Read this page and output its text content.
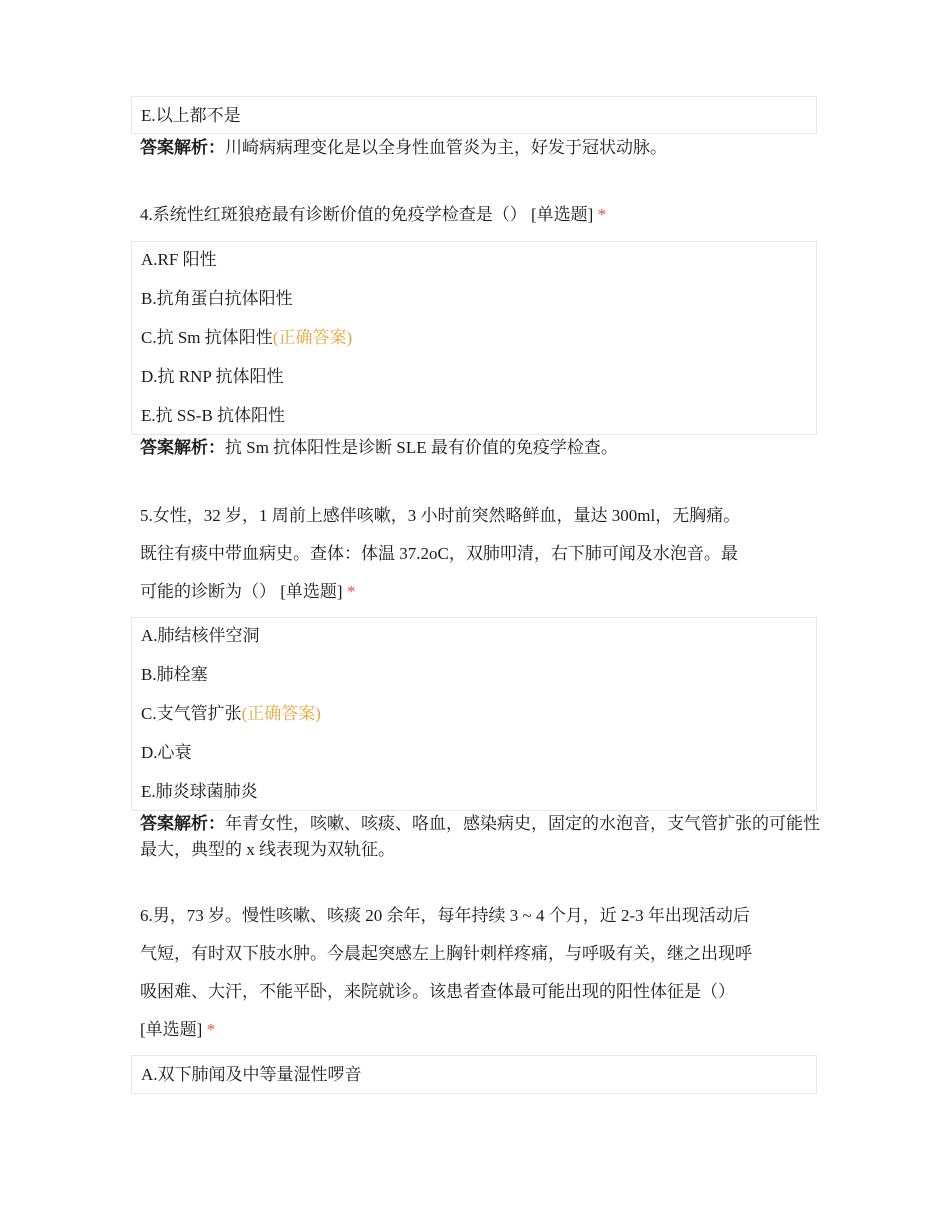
E.以上都不是
答案解析：川崎病病理变化是以全身性血管炎为主，好发于冠状动脉。
4.系统性红斑狼疮最有诊断价值的免疫学检查是（） [单选题] *
A.RF 阳性
B.抗角蛋白抗体阳性
C.抗 Sm 抗体阳性(正确答案)
D.抗 RNP 抗体阳性
E.抗 SS-B 抗体阳性
答案解析：抗 Sm 抗体阳性是诊断 SLE 最有价值的免疫学检查。
5.女性，32 岁，1 周前上感伴咳嗽，3 小时前突然略鲜血，量达 300ml，无胸痛。
既往有痰中带血病史。查体：体温 37.2oC，双肺叩清，右下肺可闻及水泡音。最
可能的诊断为（） [单选题] *
A.肺结核伴空洞
B.肺栓塞
C.支气管扩张(正确答案)
D.心衰
E.肺炎球菌肺炎
答案解析：年青女性，咳嗽、咳痰、咯血，感染病史，固定的水泡音，支气管扩张的可能性最大，典型的 x 线表现为双轨征。
6.男，73 岁。慢性咳嗽、咳痰 20 余年，每年持续 3 ~ 4 个月，近 2-3 年出现活动后
气短，有时双下肢水肿。今晨起突感左上胸针刺样疼痛，与呼吸有关，继之出现呼
吸困难、大汗，不能平卧，来院就诊。该患者查体最可能出现的阳性体征是（）
[单选题] *
A.双下肺闻及中等量湿性啰音
